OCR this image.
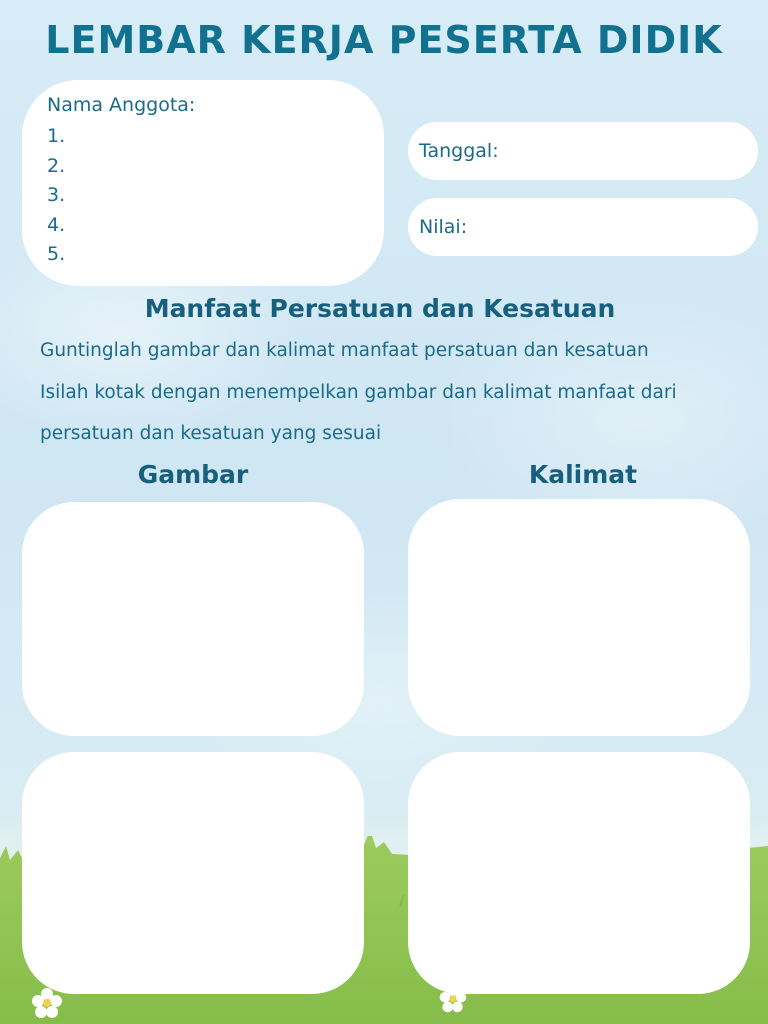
LEMBAR KERJA PESERTA DIDIK
Nama Anggota:
1.
2.
3.
4.
5.
Tanggal:
Nilai:
Manfaat Persatuan dan Kesatuan

Guntinglah gambar dan kalimat manfaat persatuan dan kesatuan

Isilah kotak dengan menempelkan gambar dan kalimat manfaat dari

persatuan dan kesatuan yang sesuai

Gambar	Kalimat
